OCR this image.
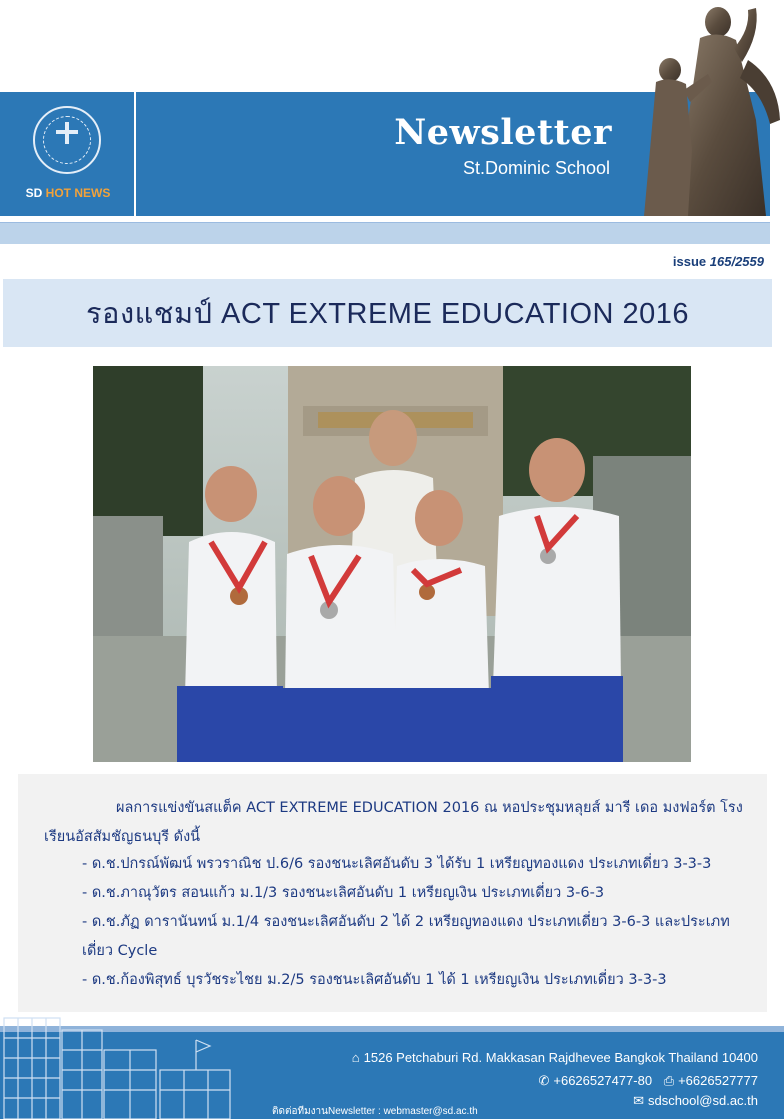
SD HOT NEWS
Newsletter
St.Dominic School
issue 165/2559
รองแชมป์ ACT EXTREME EDUCATION 2016

ผลการแข่งขันสแต็ค ACT EXTREME EDUCATION 2016 ณ หอประชุมหลุยส์ มารี เดอ มงฟอร์ต โรงเรียนอัสสัมชัญธนบุรี ดังนี้

- ด.ช.ปกรณ์พัฒน์ พรวราณิช ป.6/6 รองชนะเลิศอันดับ 3 ได้รับ 1 เหรียญทองแดง ประเภทเดี่ยว 3-3-3
- ด.ช.ภาณุวัตร สอนแก้ว ม.1/3 รองชนะเลิศอันดับ 1 เหรียญเงิน ประเภทเดี่ยว 3-6-3
- ด.ช.ภัฏ ดารานันทน์ ม.1/4 รองชนะเลิศอันดับ 2 ได้ 2 เหรียญทองแดง ประเภทเดี่ยว 3-6-3 และประเภทเดี่ยว Cycle
- ด.ช.ก้องพิสุทธ์ บุรวัชระไชย ม.2/5 รองชนะเลิศอันดับ 1 ได้ 1 เหรียญเงิน ประเภทเดี่ยว 3-3-3
⌂ 1526 Petchaburi Rd. Makkasan Rajdhevee Bangkok Thailand 10400
✆ +6626527477-80 ⎙ +6626527777
✉ sdschool@sd.ac.th
ติดต่อทีมงานNewsletter : webmaster@sd.ac.th
